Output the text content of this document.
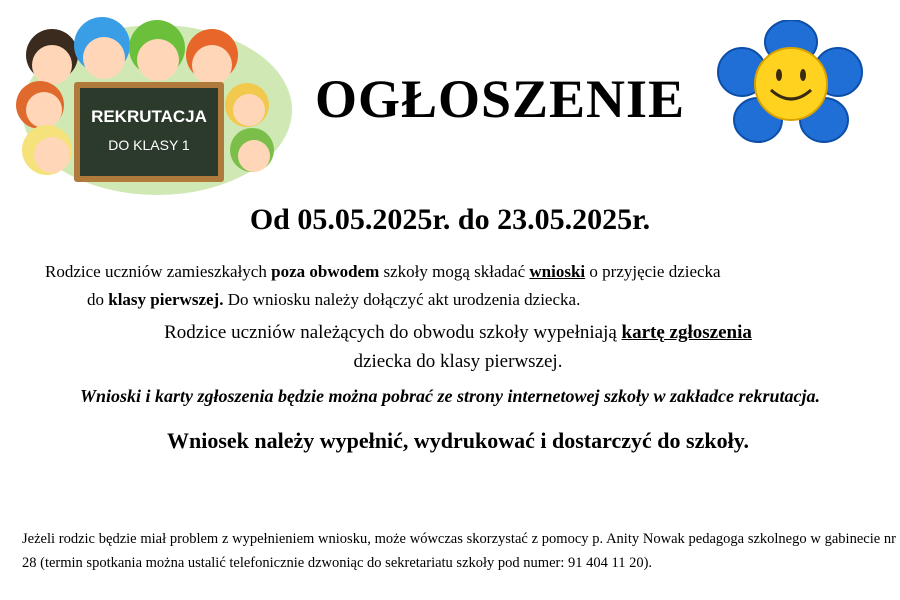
REKRUTACJA
DO KLASY 1
OGŁOSZENIE
Od 05.05.2025r. do 23.05.2025r.
Rodzice uczniów zamieszkałych poza obwodem szkoły mogą składać wnioski o przyjęcie dziecka
do klasy pierwszej. Do wniosku należy dołączyć akt urodzenia dziecka.
Rodzice uczniów należących do obwodu szkoły wypełniają kartę zgłoszenia
dziecka do klasy pierwszej.
Wnioski i karty zgłoszenia będzie można pobrać ze strony internetowej szkoły w zakładce rekrutacja.
Wniosek należy wypełnić, wydrukować i dostarczyć do szkoły.
Jeżeli rodzic będzie miał problem z wypełnieniem wniosku, może wówczas skorzystać z pomocy p. Anity Nowak pedagoga szkolnego w gabinecie nr 28 (termin spotkania można ustalić telefonicznie dzwoniąc do sekretariatu szkoły pod numer: 91 404 11 20).
